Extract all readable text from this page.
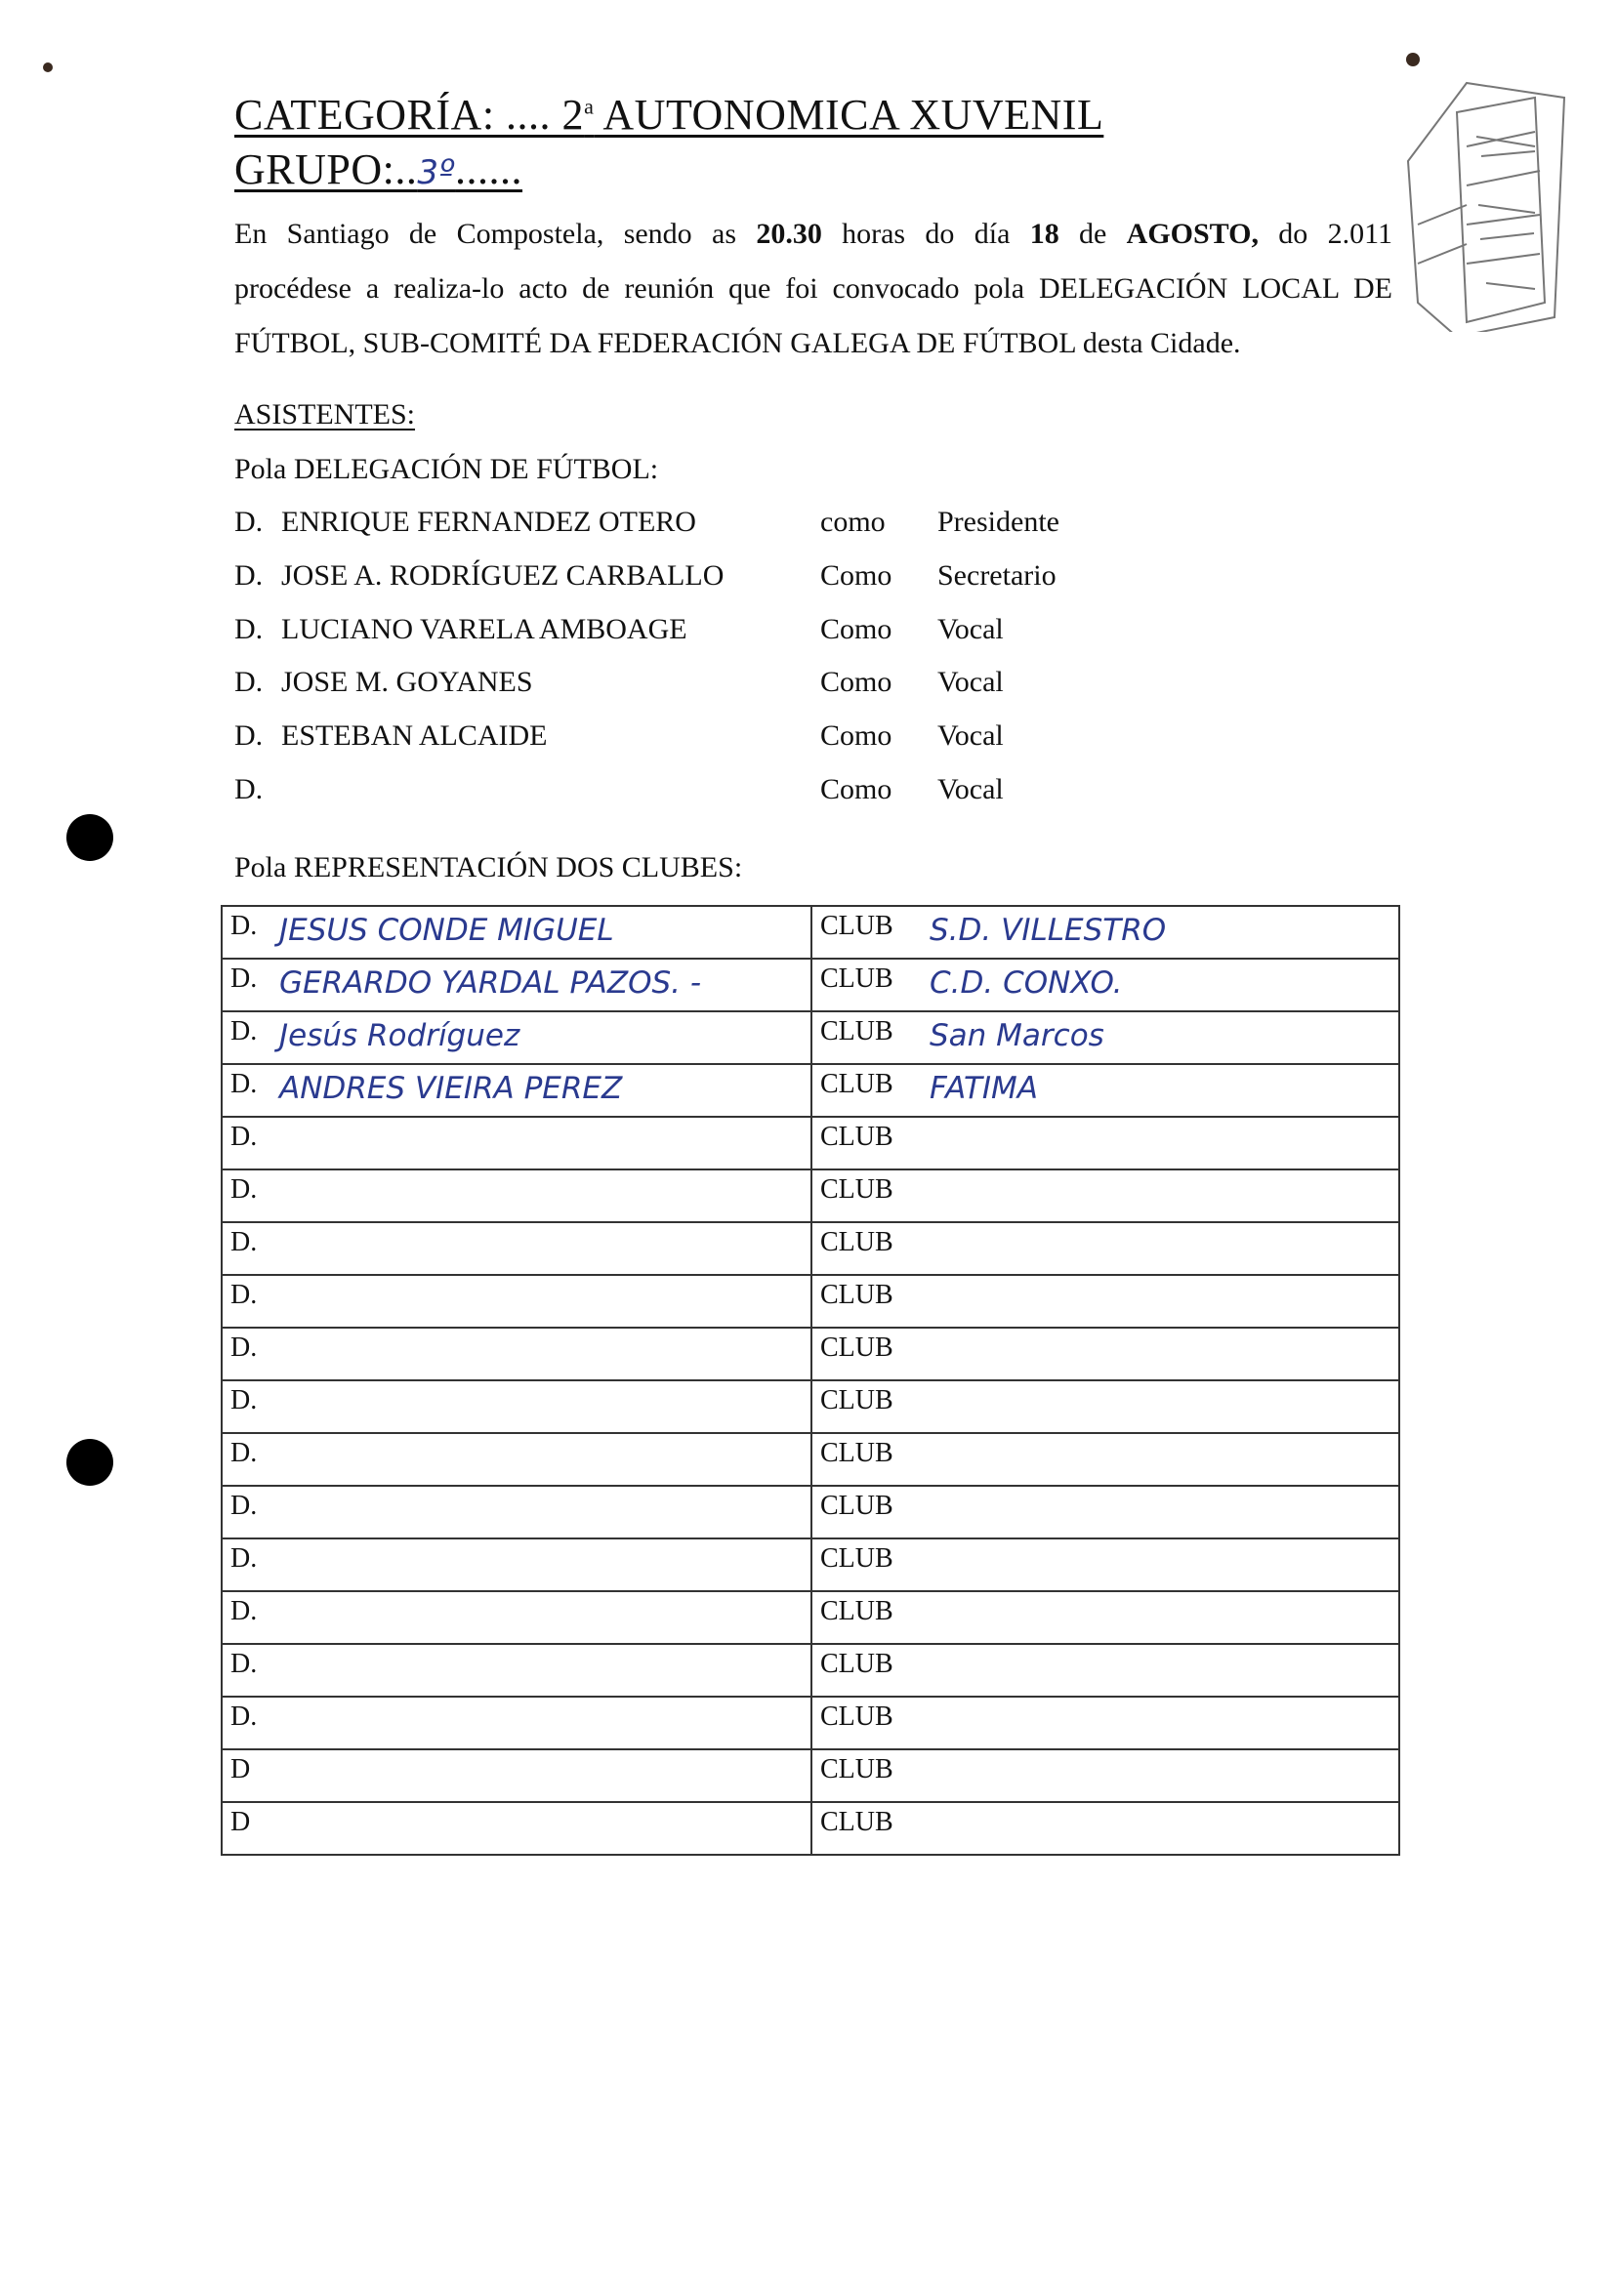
CATEGORÍA: .... 2$^a$ AUTONOMICA XUVENIL
GRUPO:..3º......
En Santiago de Compostela, sendo as 20.30 horas do día 18 de AGOSTO, do 2.011
procédese a realiza-lo acto de reunión que foi convocado pola DELEGACIÓN LOCAL DE
FÚTBOL, SUB-COMITÉ DA FEDERACIÓN GALEGA DE FÚTBOL desta Cidade.
ASISTENTES:
Pola DELEGACIÓN DE FÚTBOL:
D. ENRIQUE FERNANDEZ OTERO	como Presidente
D. JOSE A. RODRÍGUEZ CARBALLO	Como Secretario
D. LUCIANO VARELA AMBOAGE	Como Vocal
D. JOSE M. GOYANES	Como Vocal
D. ESTEBAN ALCAIDE	Como Vocal
D.	Como Vocal
Pola REPRESENTACIÓN DOS CLUBES:
D. JESUS CONDE MIGUEL	CLUB S.D. VILLESTRO

D. GERARDO YARDAL PAZOS. -	CLUB C.D. CONXO.

D. Jesús Rodríguez	CLUB San Marcos

D. ANDRES VIEIRA PEREZ	CLUB FATIMA

D.	CLUB
D.	CLUB
D.	CLUB
D.	CLUB
D.	CLUB
D.	CLUB
D.	CLUB
D.	CLUB
D.	CLUB
D.	CLUB
D.	CLUB
D.	CLUB
D	CLUB
D	CLUB
